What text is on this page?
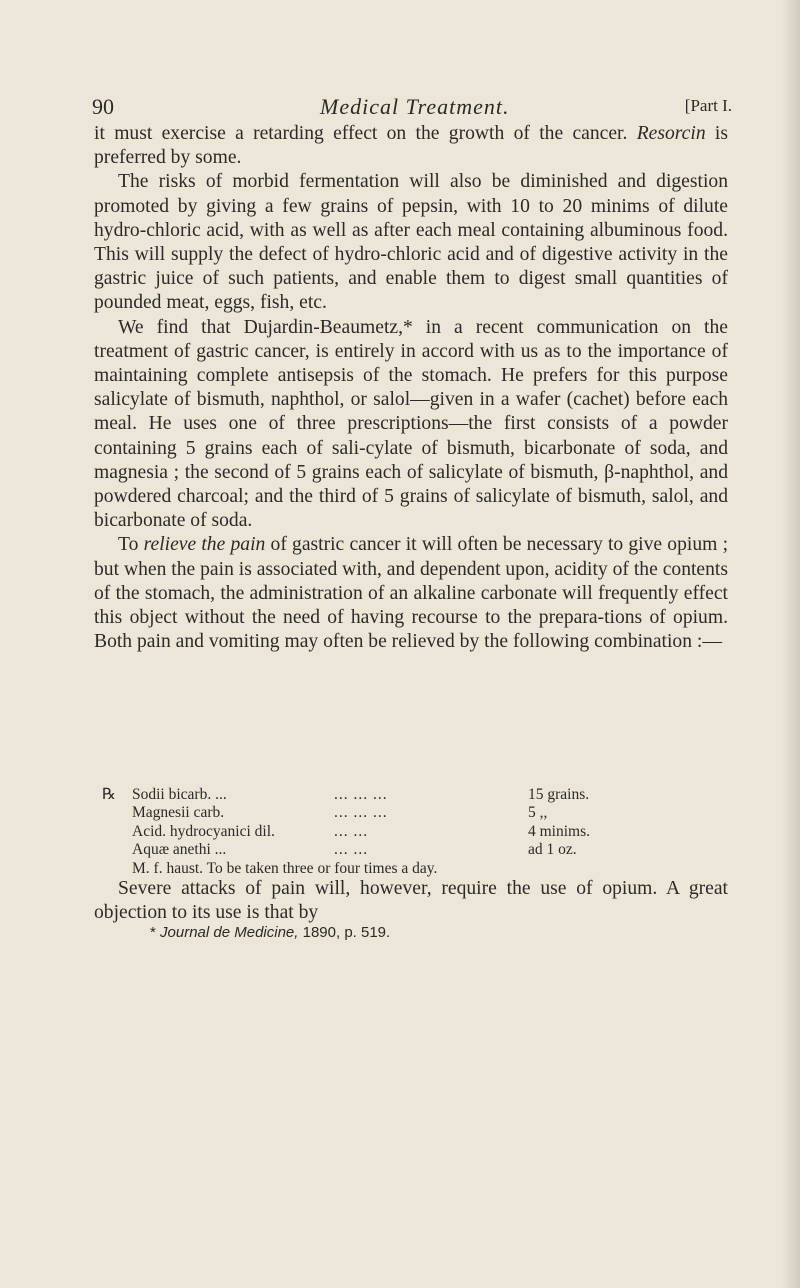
90	Medical Treatment.	[Part I.

it must exercise a retarding effect on the growth of the cancer. Resorcin is preferred by some.

The risks of morbid fermentation will also be diminished and digestion promoted by giving a few grains of pepsin, with 10 to 20 minims of dilute hydro-chloric acid, with as well as after each meal containing albuminous food. This will supply the defect of hydro-chloric acid and of digestive activity in the gastric juice of such patients, and enable them to digest small quantities of pounded meat, eggs, fish, etc.

We find that Dujardin-Beaumetz,* in a recent communication on the treatment of gastric cancer, is entirely in accord with us as to the importance of maintaining complete antisepsis of the stomach. He prefers for this purpose salicylate of bismuth, naphthol, or salol—given in a wafer (cachet) before each meal. He uses one of three prescriptions—the first consists of a powder containing 5 grains each of sali-cylate of bismuth, bicarbonate of soda, and magnesia ; the second of 5 grains each of salicylate of bismuth, β-naphthol, and powdered charcoal; and the third of 5 grains of salicylate of bismuth, salol, and bicarbonate of soda.

To relieve the pain of gastric cancer it will often be necessary to give opium ; but when the pain is associated with, and dependent upon, acidity of the contents of the stomach, the administration of an alkaline carbonate will frequently effect this object without the need of having recourse to the prepara-tions of opium. Both pain and vomiting may often be relieved by the following combination :—

℞ Sodii bicarb. ...	... ... ...	15 grains.
Magnesii carb.	... ... ...	5 ,,
Acid. hydrocyanici dil.	... ...	4 minims.
Aquæ anethi ...	... ...	ad 1 oz.
M. f. haust. To be taken three or four times a day.

Severe attacks of pain will, however, require the use of opium. A great objection to its use is that by

* Journal de Medicine, 1890, p. 519.
